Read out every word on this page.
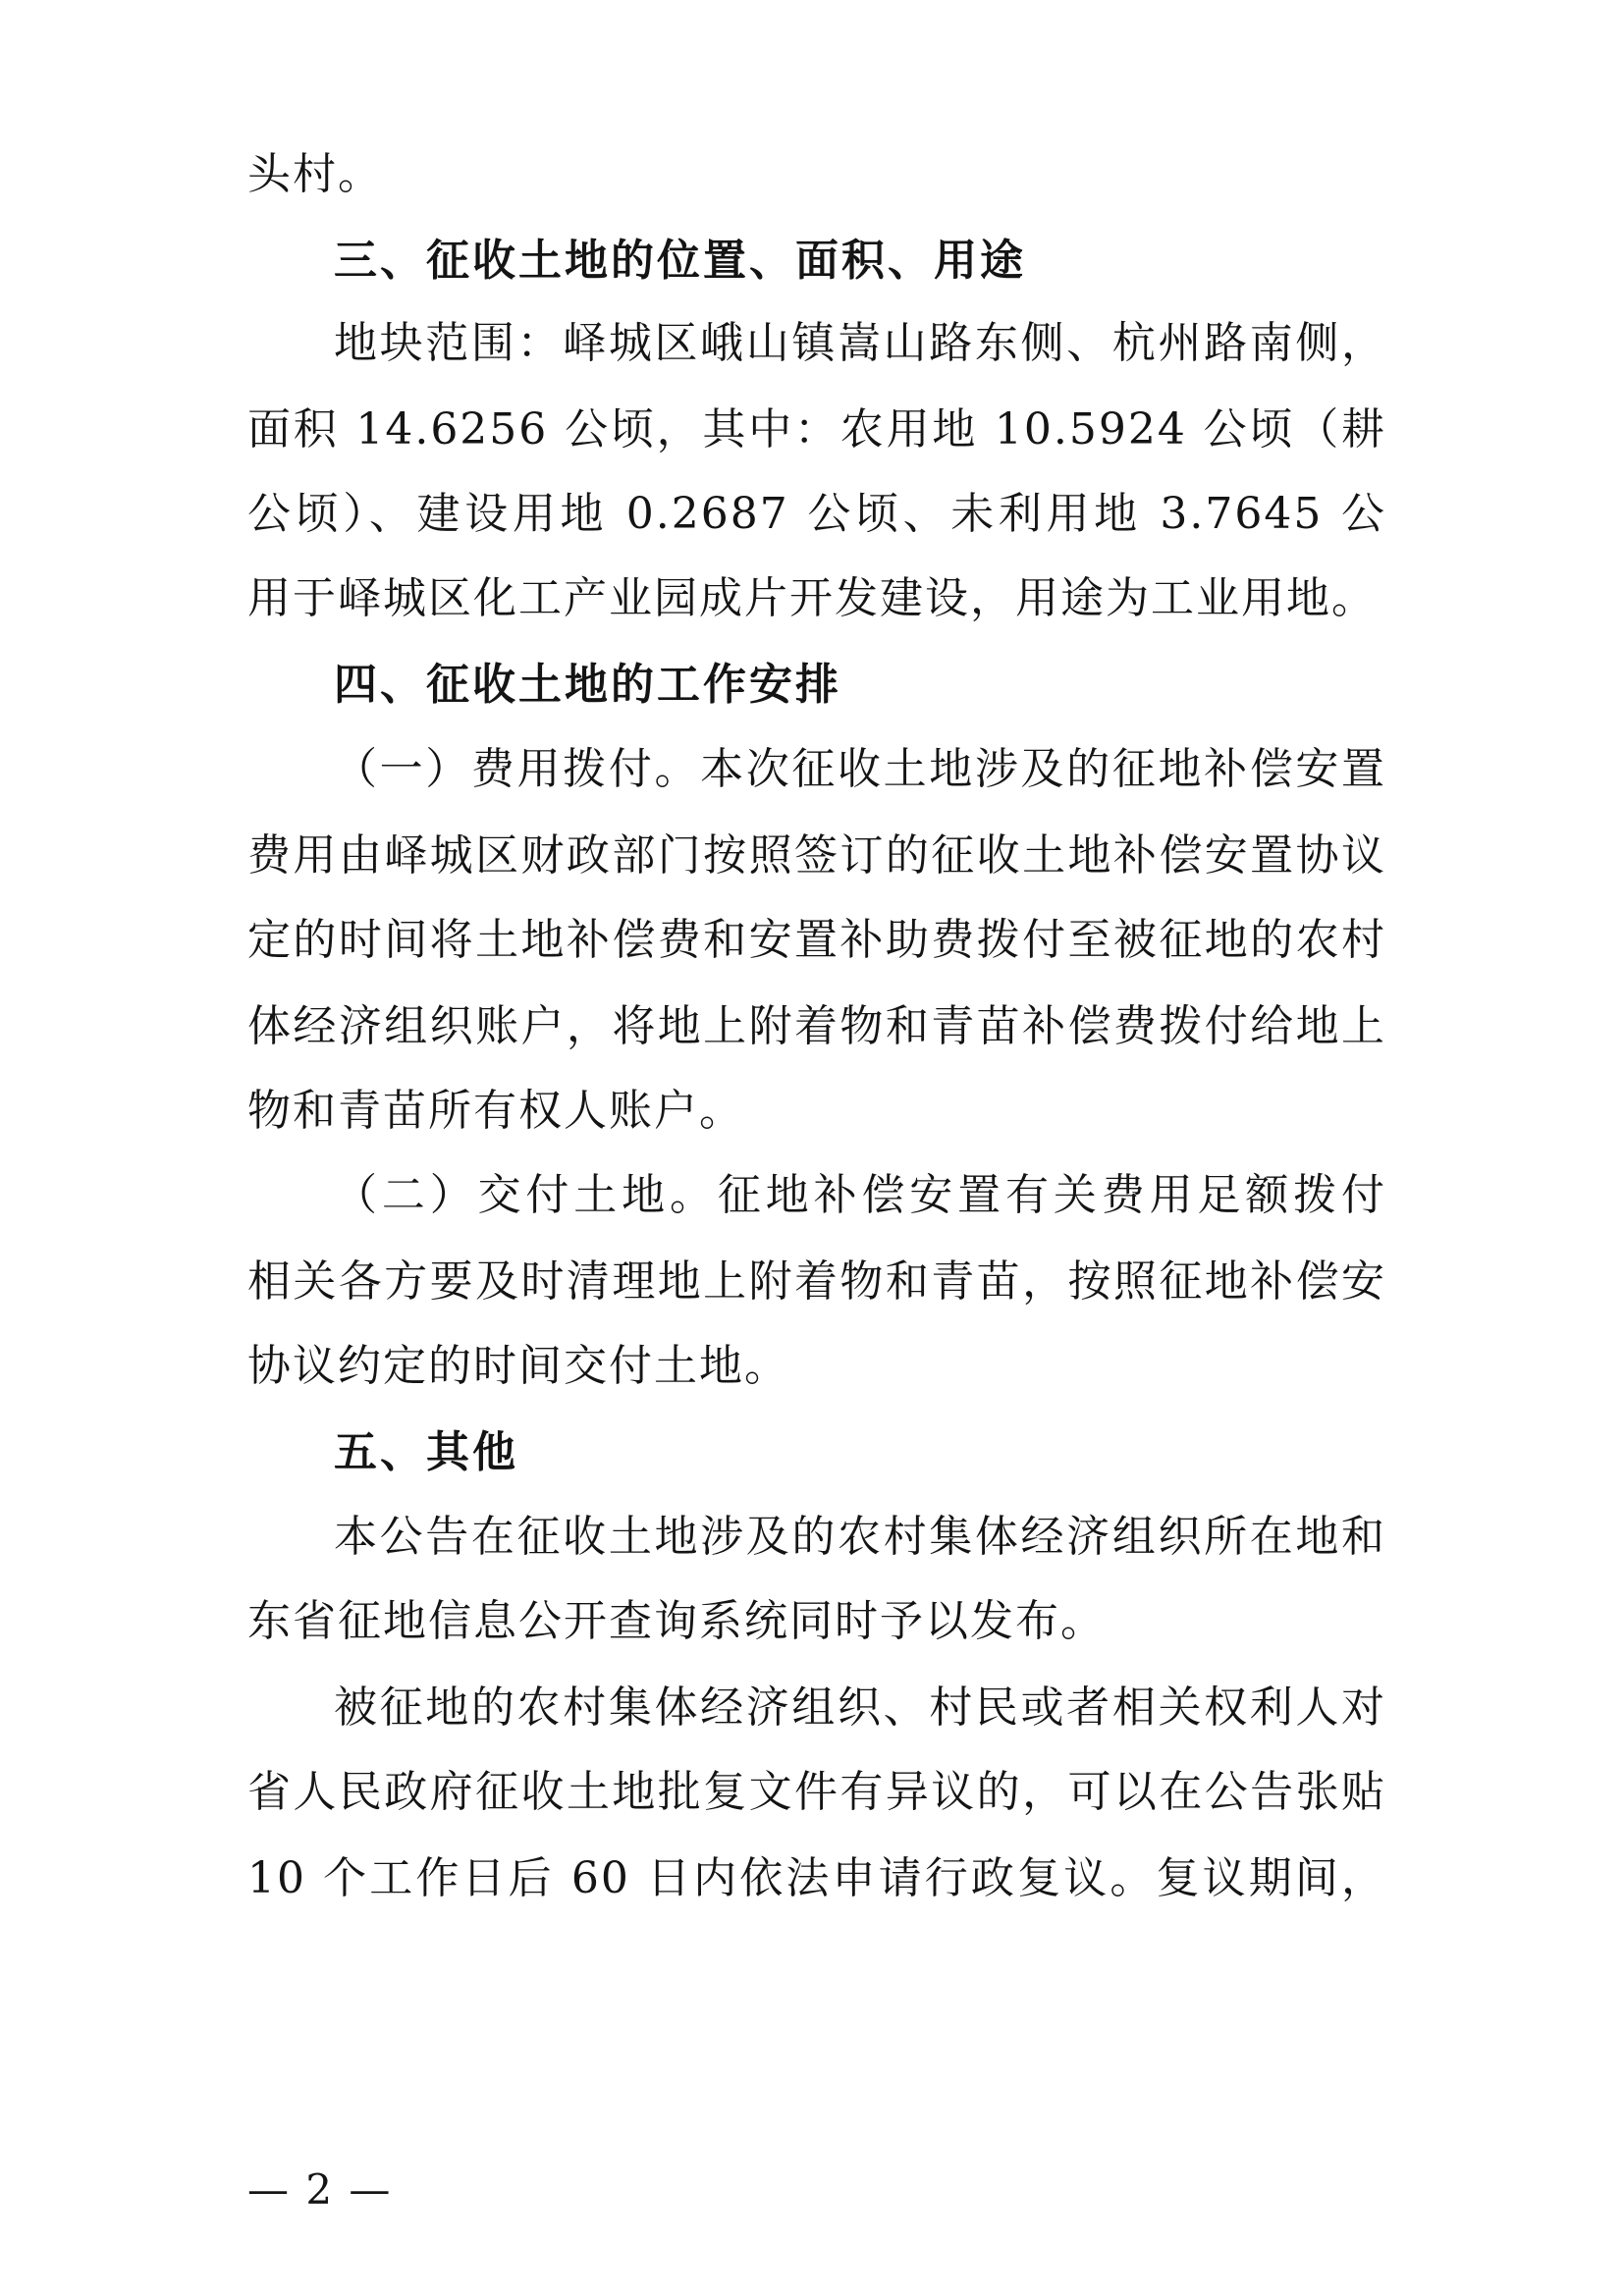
头村。
三、征收土地的位置、面积、用途
地块范围：峄城区峨山镇嵩山路东侧、杭州路南侧，
面积 14.6256 公顷，其中：农用地 10.5924 公顷（耕
公顷）、建设用地 0.2687 公顷、未利用地 3.7645 公
用于峄城区化工产业园成片开发建设，用途为工业用地。
四、征收土地的工作安排
（一）费用拨付。本次征收土地涉及的征地补偿安置
费用由峄城区财政部门按照签订的征收土地补偿安置协议
定的时间将土地补偿费和安置补助费拨付至被征地的农村
体经济组织账户，将地上附着物和青苗补偿费拨付给地上
物和青苗所有权人账户。
（二）交付土地。征地补偿安置有关费用足额拨付
相关各方要及时清理地上附着物和青苗，按照征地补偿安
协议约定的时间交付土地。
五、其他
本公告在征收土地涉及的农村集体经济组织所在地和
东省征地信息公开查询系统同时予以发布。
被征地的农村集体经济组织、村民或者相关权利人对
省人民政府征收土地批复文件有异议的，可以在公告张贴
10 个工作日后 60 日内依法申请行政复议。复议期间，
— 2 —
